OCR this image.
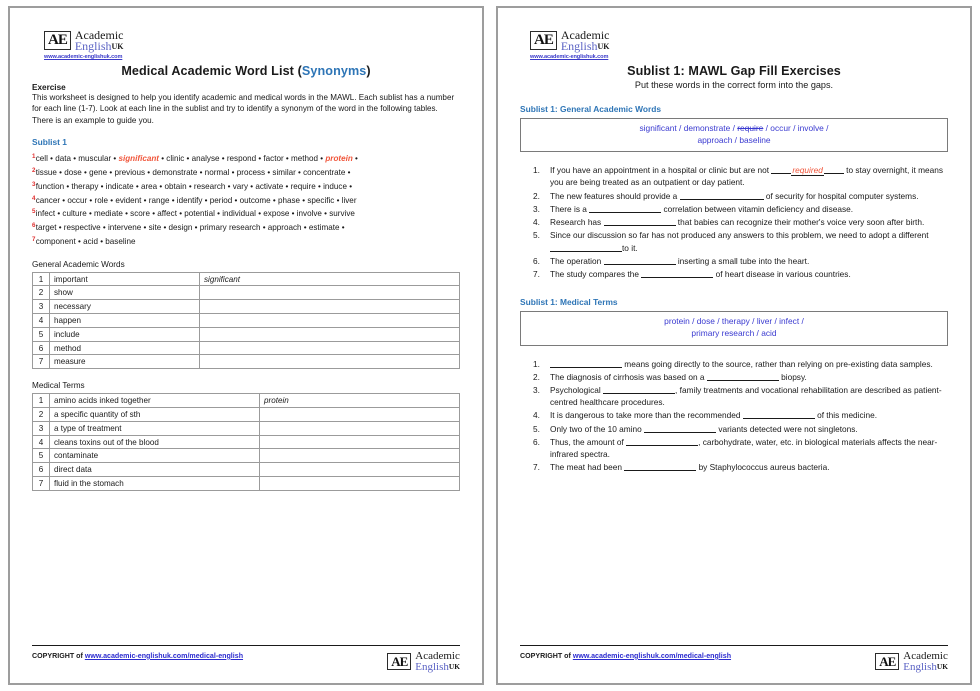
AE Academic
EnglishUK
www.academic-englishuk.com
Medical Academic Word List (Synonyms)
Exercise

This worksheet is designed to help you identify academic and medical words in the MAWL. Each sublist has a number for each line (1-7). Look at each line in the sublist and try to identify a synonym of the word in the following tables. There is an example to guide you.

Sublist 1
$^1$cell • data • muscular • significant • clinic • analyse • respond • factor • method • protein •
$^2$tissue • dose • gene • previous • demonstrate • normal • process • similar • concentrate •
$^3$function • therapy • indicate • area • obtain • research • vary • activate • require • induce •
$^4$cancer • occur • role • evident • range • identify • period • outcome • phase • specific • liver
$^5$infect • culture • mediate • score • affect • potential • individual • expose • involve • survive
$^6$target • respective • intervene • site • design • primary research • approach • estimate •
$^7$component • acid • baseline
General Academic Words
1	important	significant
2	show	
3	necessary	
4	happen	
5	include	
6	method	
7	measure	
Medical Terms
1	amino acids inked together	protein
2	a specific quantity of sth	
3	a type of treatment	
4	cleans toxins out of the blood	
5	contaminate	
6	direct data	
7	fluid in the stomach	
COPYRIGHT of www.academic-englishuk.com/medical-english	AE Academic
EnglishUK
AE Academic
EnglishUK
www.academic-englishuk.com
Sublist 1: MAWL Gap Fill Exercises
Put these words in the correct form into the gaps.
Sublist 1: General Academic Words
significant / demonstrate / require / occur / involve /
approach / baseline
If you have an appointment in a hospital or clinic but are not	required	to stay overnight, it means you are being treated as an outpatient or day patient.
The new features should provide a	of security for hospital computer systems.
There is a	correlation between vitamin deficiency and disease.
Research has	that babies can recognize their mother's voice very soon after birth.
Since our discussion so far has not produced any answers to this problem, we need to adopt a different to it.
The operation	inserting a small tube into the heart.
The study compares the	of heart disease in various countries.
Sublist 1: Medical Terms
protein / dose / therapy / liver / infect /
primary research / acid
means going directly to the source, rather than relying on pre-existing data samples.
The diagnosis of cirrhosis was based on a	biopsy.
Psychological	, family treatments and vocational rehabilitation are described as patient-centred healthcare procedures.
It is dangerous to take more than the recommended	of this medicine.
Only two of the 10 amino	variants detected were not singletons.
Thus, the amount of	, carbohydrate, water, etc. in biological materials affects the near-infrared spectra.
The meat had been	by Staphylococcus aureus bacteria.
COPYRIGHT of www.academic-englishuk.com/medical-english	AE Academic
EnglishUK
